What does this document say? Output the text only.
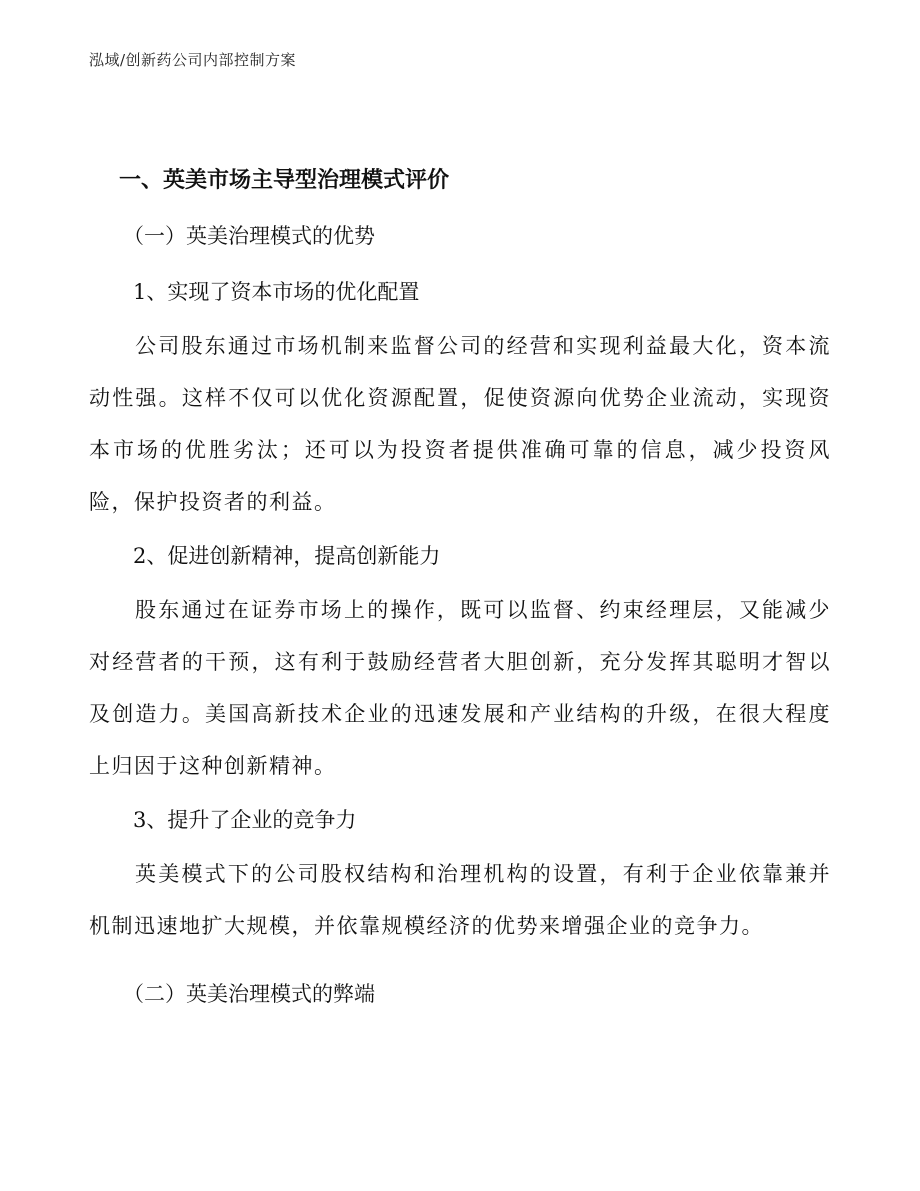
泓域/创新药公司内部控制方案

一、英美市场主导型治理模式评价

（一）英美治理模式的优势

1、实现了资本市场的优化配置

公司股东通过市场机制来监督公司的经营和实现利益最大化，资本流动性强。这样不仅可以优化资源配置，促使资源向优势企业流动，实现资本市场的优胜劣汰；还可以为投资者提供准确可靠的信息，减少投资风险，保护投资者的利益。

2、促进创新精神，提高创新能力

股东通过在证券市场上的操作，既可以监督、约束经理层，又能减少对经营者的干预，这有利于鼓励经营者大胆创新，充分发挥其聪明才智以及创造力。美国高新技术企业的迅速发展和产业结构的升级，在很大程度上归因于这种创新精神。

3、提升了企业的竞争力

英美模式下的公司股权结构和治理机构的设置，有利于企业依靠兼并机制迅速地扩大规模，并依靠规模经济的优势来增强企业的竞争力。

（二）英美治理模式的弊端
